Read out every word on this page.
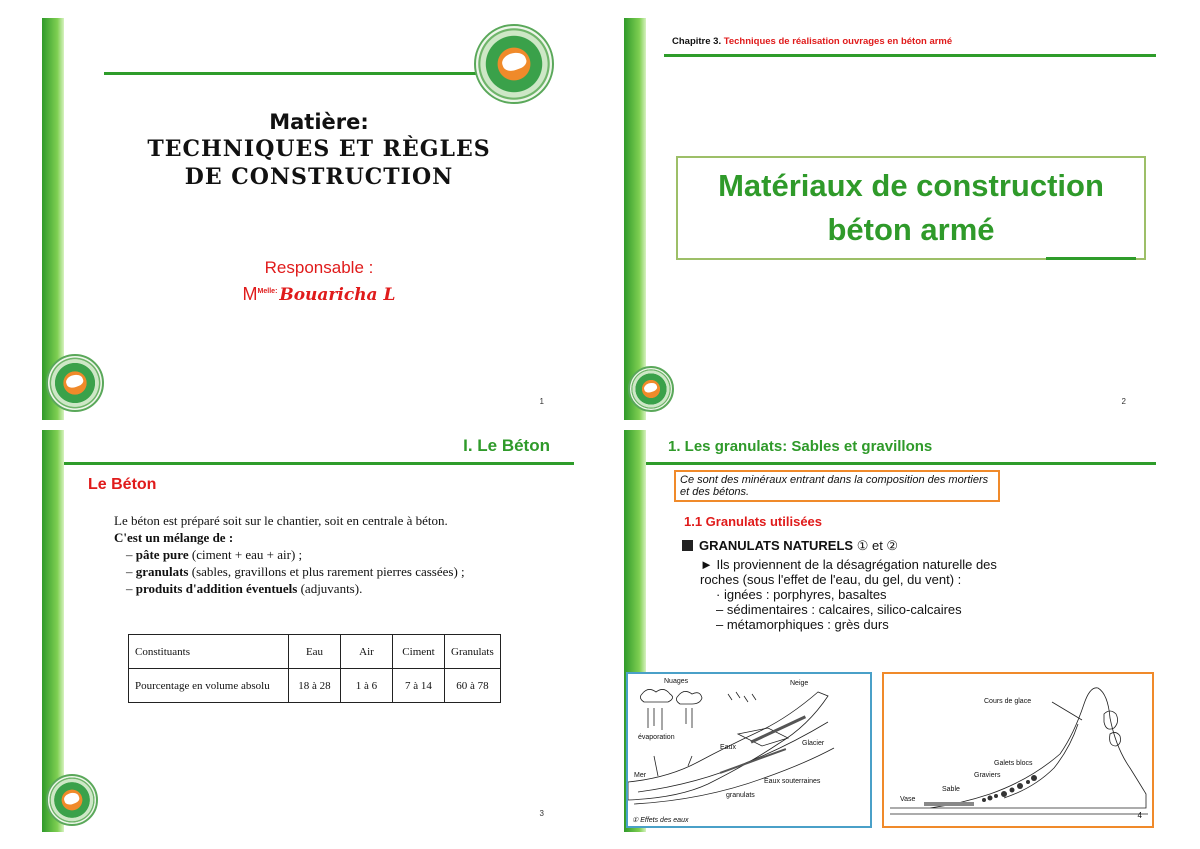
Matière:
TECHNIQUES ET RÈGLES
DE CONSTRUCTION
Responsable :
$M^{Melle:}$ Bouaricha L
1
Chapitre 3. Techniques de réalisation ouvrages en béton armé
Matériaux de construction
béton armé
2
I. Le Béton
Le Béton
Le béton est préparé soit sur le chantier, soit en centrale à béton.
C'est un mélange de :
– pâte pure (ciment + eau + air) ;
– granulats (sables, gravillons et plus rarement pierres cassées) ;
– produits d'addition éventuels (adjuvants).
Constituants	Eau	Air	Ciment	Granulats
Pourcentage en volume absolu	18 à 28	1 à 6	7 à 14	60 à 78
3
1. Les granulats: Sables et gravillons
Ce sont des minéraux entrant dans la composition des mortiers et des bétons.
1.1 Granulats utilisées
GRANULATS NATURELS ① et ②
► Ils proviennent de la désagrégation naturelle des roches (sous l'effet de l'eau, du gel, du vent) :
· ignées : porphyres, basaltes
– sédimentaires : calcaires, silico-calcaires
– métamorphiques : grès durs
Nuages	Neige
évaporation
Eaux
Glacier
Mer
Eaux souterraines
granulats
① Effets des eaux
Cours de glace
Galets blocs
Graviers
Sable
Vase
4
